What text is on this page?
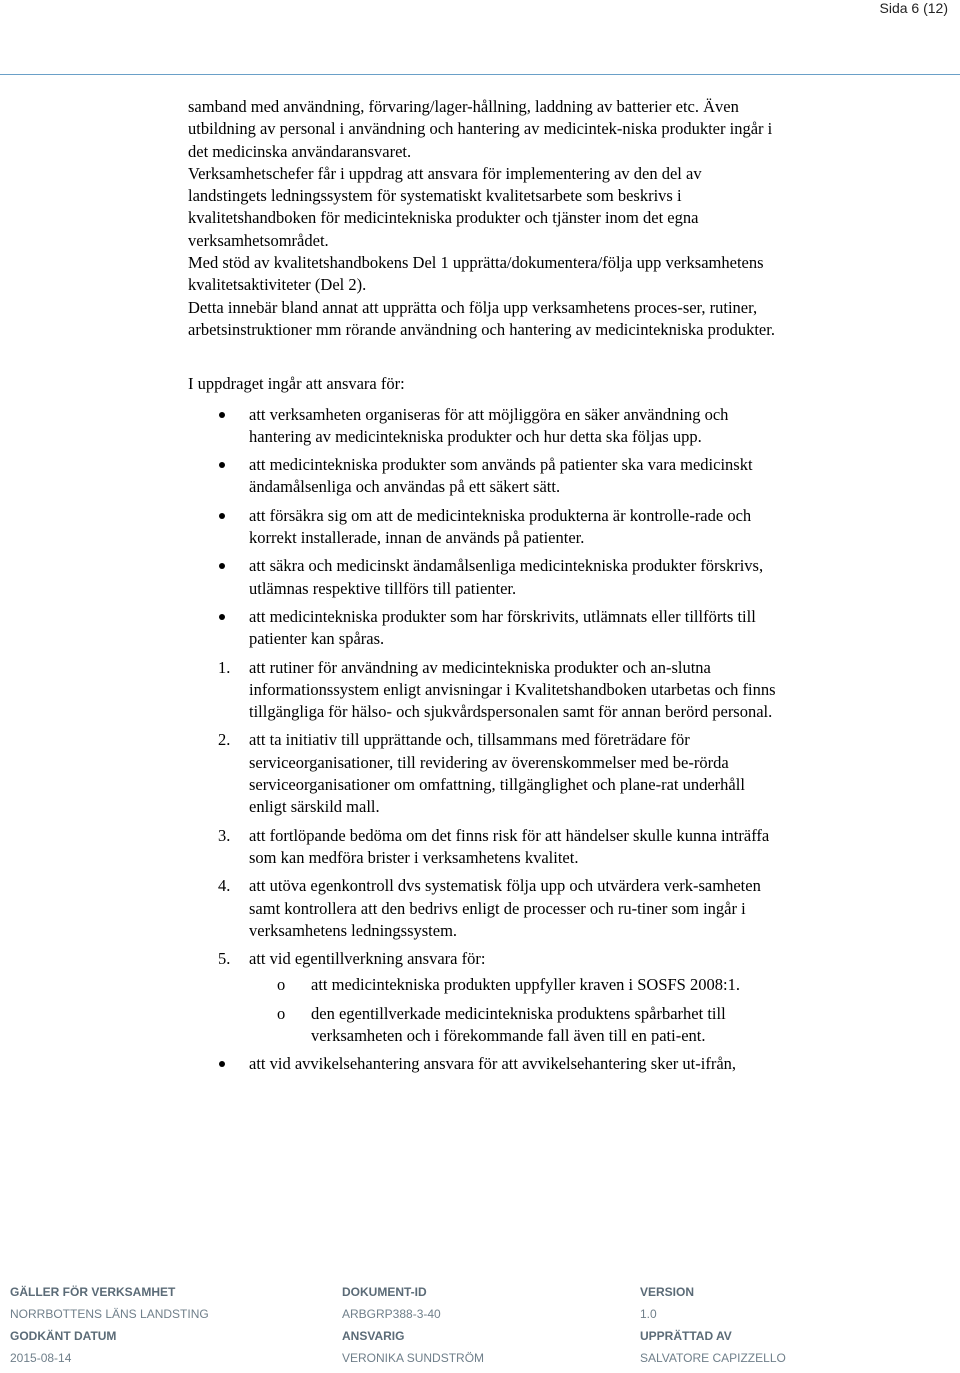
Sida 6 (12)

samband med användning, förvaring/lager-hållning, laddning av batterier etc. Även utbildning av personal i användning och hantering av medicintek-niska produkter ingår i det medicinska användaransvaret.

Verksamhetschefer får i uppdrag att ansvara för implementering av den del av landstingets ledningssystem för systematiskt kvalitetsarbete som beskrivs i kvalitetshandboken för medicintekniska produkter och tjänster inom det egna verksamhetsområdet.

Med stöd av kvalitetshandbokens Del 1 upprätta/dokumentera/följa upp verksamhetens kvalitetsaktiviteter (Del 2).

Detta innebär bland annat att upprätta och följa upp verksamhetens proces-ser, rutiner, arbetsinstruktioner mm rörande användning och hantering av medicintekniska produkter.

I uppdraget ingår att ansvara för:

att verksamheten organiseras för att möjliggöra en säker användning och hantering av medicintekniska produkter och hur detta ska följas upp.
att medicintekniska produkter som används på patienter ska vara medicinskt ändamålsenliga och användas på ett säkert sätt.
att försäkra sig om att de medicintekniska produkterna är kontrolle-rade och korrekt installerade, innan de används på patienter.
att säkra och medicinskt ändamålsenliga medicintekniska produkter förskrivs, utlämnas respektive tillförs till patienter.
att medicintekniska produkter som har förskrivits, utlämnats eller tillförts till patienter kan spåras.
1. att rutiner för användning av medicintekniska produkter och an-slutna informationssystem enligt anvisningar i Kvalitetshandboken utarbetas och finns tillgängliga för hälso- och sjukvårdspersonalen samt för annan berörd personal.
2. att ta initiativ till upprättande och, tillsammans med företrädare för serviceorganisationer, till revidering av överenskommelser med be-rörda serviceorganisationer om omfattning, tillgänglighet och plane-rat underhåll enligt särskild mall.
3. att fortlöpande bedöma om det finns risk för att händelser skulle kunna inträffa som kan medföra brister i verksamhetens kvalitet.
4. att utöva egenkontroll dvs systematisk följa upp och utvärdera verk-samheten samt kontrollera att den bedrivs enligt de processer och ru-tiner som ingår i verksamhetens ledningssystem.
5. att vid egentillverkning ansvara för:
o att medicintekniska produkten uppfyller kraven i SOSFS 2008:1.
o den egentillverkade medicintekniska produktens spårbarhet till verksamheten och i förekommande fall även till en pati-ent.
att vid avvikelsehantering ansvara för att avvikelsehantering sker ut-ifrån,
GÄLLER FÖR VERKSAMHET	DOKUMENT-ID	VERSION
NORRBOTTENS LÄNS LANDSTING	ARBGRP388-3-40	1.0
GODKÄNT DATUM	ANSVARIG	UPPRÄTTAD AV
2015-08-14	VERONIKA SUNDSTRÖM	SALVATORE CAPIZZELLO
